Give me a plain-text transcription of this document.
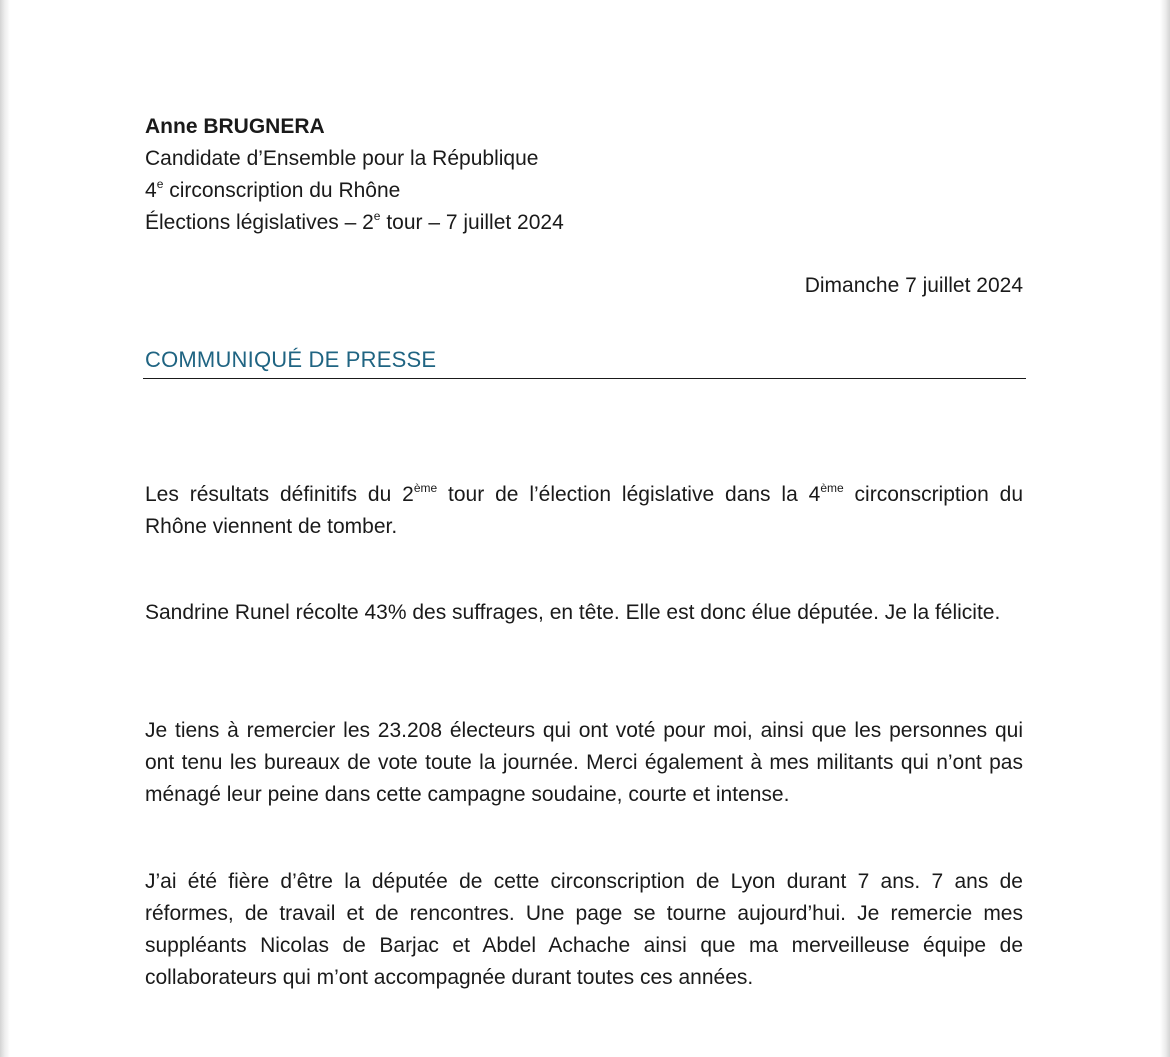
Anne BRUGNERA
Candidate d’Ensemble pour la République
4e circonscription du Rhône
Élections législatives – 2e tour – 7 juillet 2024
Dimanche 7 juillet 2024
COMMUNIQUÉ DE PRESSE
Les résultats définitifs du 2ème tour de l’élection législative dans la 4ème circonscription du Rhône viennent de tomber.
Sandrine Runel récolte 43% des suffrages, en tête. Elle est donc élue députée. Je la félicite.
Je tiens à remercier les 23.208 électeurs qui ont voté pour moi, ainsi que les personnes qui ont tenu les bureaux de vote toute la journée. Merci également à mes militants qui n’ont pas ménagé leur peine dans cette campagne soudaine, courte et intense.
J’ai été fière d’être la députée de cette circonscription de Lyon durant 7 ans. 7 ans de réformes, de travail et de rencontres. Une page se tourne aujourd’hui. Je remercie mes suppléants Nicolas de Barjac et Abdel Achache ainsi que ma merveilleuse équipe de collaborateurs qui m’ont accompagnée durant toutes ces années.
